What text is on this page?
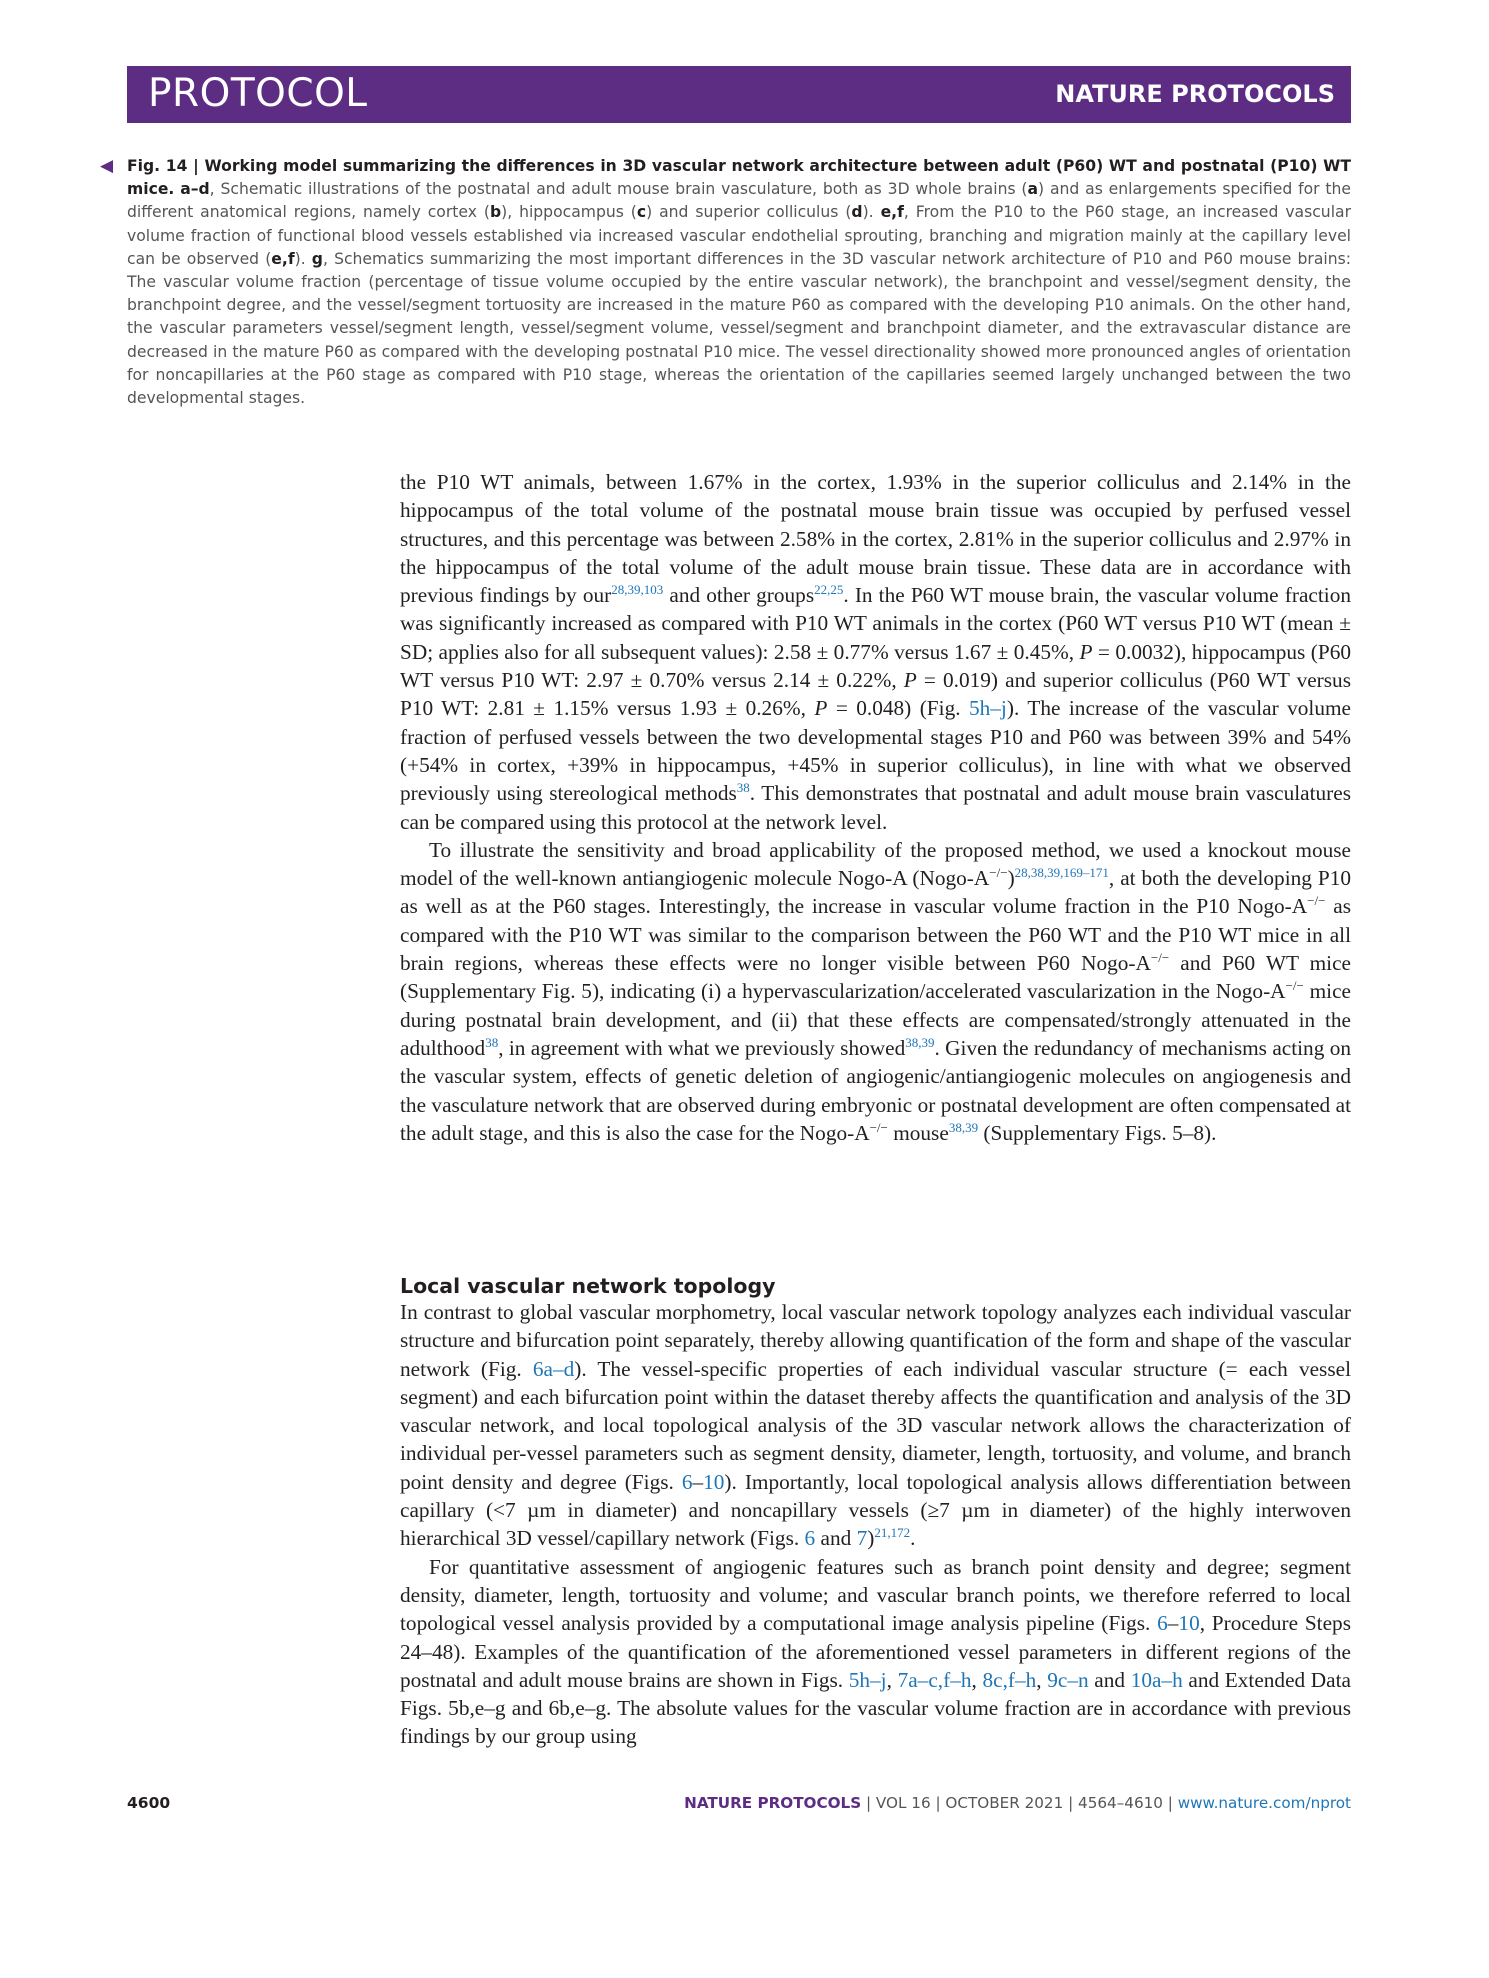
PROTOCOL	NATURE PROTOCOLS
◀ Fig. 14 | Working model summarizing the differences in 3D vascular network architecture between adult (P60) WT and postnatal (P10) WT mice. a–d, Schematic illustrations of the postnatal and adult mouse brain vasculature, both as 3D whole brains (a) and as enlargements specified for the different anatomical regions, namely cortex (b), hippocampus (c) and superior colliculus (d). e,f, From the P10 to the P60 stage, an increased vascular volume fraction of functional blood vessels established via increased vascular endothelial sprouting, branching and migration mainly at the capillary level can be observed (e,f). g, Schematics summarizing the most important differences in the 3D vascular network architecture of P10 and P60 mouse brains: The vascular volume fraction (percentage of tissue volume occupied by the entire vascular network), the branchpoint and vessel/segment density, the branchpoint degree, and the vessel/segment tortuosity are increased in the mature P60 as compared with the developing P10 animals. On the other hand, the vascular parameters vessel/segment length, vessel/segment volume, vessel/segment and branchpoint diameter, and the extravascular distance are decreased in the mature P60 as compared with the developing postnatal P10 mice. The vessel directionality showed more pronounced angles of orientation for noncapillaries at the P60 stage as compared with P10 stage, whereas the orientation of the capillaries seemed largely unchanged between the two developmental stages.

the P10 WT animals, between 1.67% in the cortex, 1.93% in the superior colliculus and 2.14% in the hippocampus of the total volume of the postnatal mouse brain tissue was occupied by perfused vessel structures, and this percentage was between 2.58% in the cortex, 2.81% in the superior colliculus and 2.97% in the hippocampus of the total volume of the adult mouse brain tissue. These data are in accordance with previous findings by our$^{28,39,103}$ and other groups$^{22,25}$. In the P60 WT mouse brain, the vascular volume fraction was significantly increased as compared with P10 WT animals in the cortex (P60 WT versus P10 WT (mean ± SD; applies also for all subsequent values): 2.58 ± 0.77% versus 1.67 ± 0.45%, P = 0.0032), hippocampus (P60 WT versus P10 WT: 2.97 ± 0.70% versus 2.14 ± 0.22%, P = 0.019) and superior colliculus (P60 WT versus P10 WT: 2.81 ± 1.15% versus 1.93 ± 0.26%, P = 0.048) (Fig. 5h–j). The increase of the vascular volume fraction of perfused vessels between the two developmental stages P10 and P60 was between 39% and 54% (+54% in cortex, +39% in hippocampus, +45% in superior colliculus), in line with what we observed previously using stereological methods$^{38}$. This demonstrates that postnatal and adult mouse brain vasculatures can be compared using this protocol at the network level.

To illustrate the sensitivity and broad applicability of the proposed method, we used a knockout mouse model of the well-known antiangiogenic molecule Nogo-A (Nogo-A−/−)$^{28,38,39,169-171}$, at both the developing P10 as well as at the P60 stages. Interestingly, the increase in vascular volume fraction in the P10 Nogo-A−/− as compared with the P10 WT was similar to the comparison between the P60 WT and the P10 WT mice in all brain regions, whereas these effects were no longer visible between P60 Nogo-A−/− and P60 WT mice (Supplementary Fig. 5), indicating (i) a hypervascularization/accelerated vascularization in the Nogo-A−/− mice during postnatal brain development, and (ii) that these effects are compensated/strongly attenuated in the adulthood$^{38}$, in agreement with what we previously showed$^{38,39}$. Given the redundancy of mechanisms acting on the vascular system, effects of genetic deletion of angiogenic/antiangiogenic molecules on angiogenesis and the vasculature network that are observed during embryonic or postnatal development are often compensated at the adult stage, and this is also the case for the Nogo-A−/− mouse$^{38,39}$ (Supplementary Figs. 5–8).

Local vascular network topology

In contrast to global vascular morphometry, local vascular network topology analyzes each individual vascular structure and bifurcation point separately, thereby allowing quantification of the form and shape of the vascular network (Fig. 6a–d). The vessel-specific properties of each individual vascular structure (= each vessel segment) and each bifurcation point within the dataset thereby affects the quantification and analysis of the 3D vascular network, and local topological analysis of the 3D vascular network allows the characterization of individual per-vessel parameters such as segment density, diameter, length, tortuosity, and volume, and branch point density and degree (Figs. 6–10). Importantly, local topological analysis allows differentiation between capillary (<7 µm in diameter) and noncapillary vessels (≥7 µm in diameter) of the highly interwoven hierarchical 3D vessel/capillary network (Figs. 6 and 7)$^{21,172}$.

For quantitative assessment of angiogenic features such as branch point density and degree; segment density, diameter, length, tortuosity and volume; and vascular branch points, we therefore referred to local topological vessel analysis provided by a computational image analysis pipeline (Figs. 6–10, Procedure Steps 24–48). Examples of the quantification of the aforementioned vessel parameters in different regions of the postnatal and adult mouse brains are shown in Figs. 5h–j, 7a–c,f–h, 8c,f–h, 9c–n and 10a–h and Extended Data Figs. 5b,e–g and 6b,e–g. The absolute values for the vascular volume fraction are in accordance with previous findings by our group using

4600	NATURE PROTOCOLS | VOL 16 | OCTOBER 2021 | 4564–4610 | www.nature.com/nprot
